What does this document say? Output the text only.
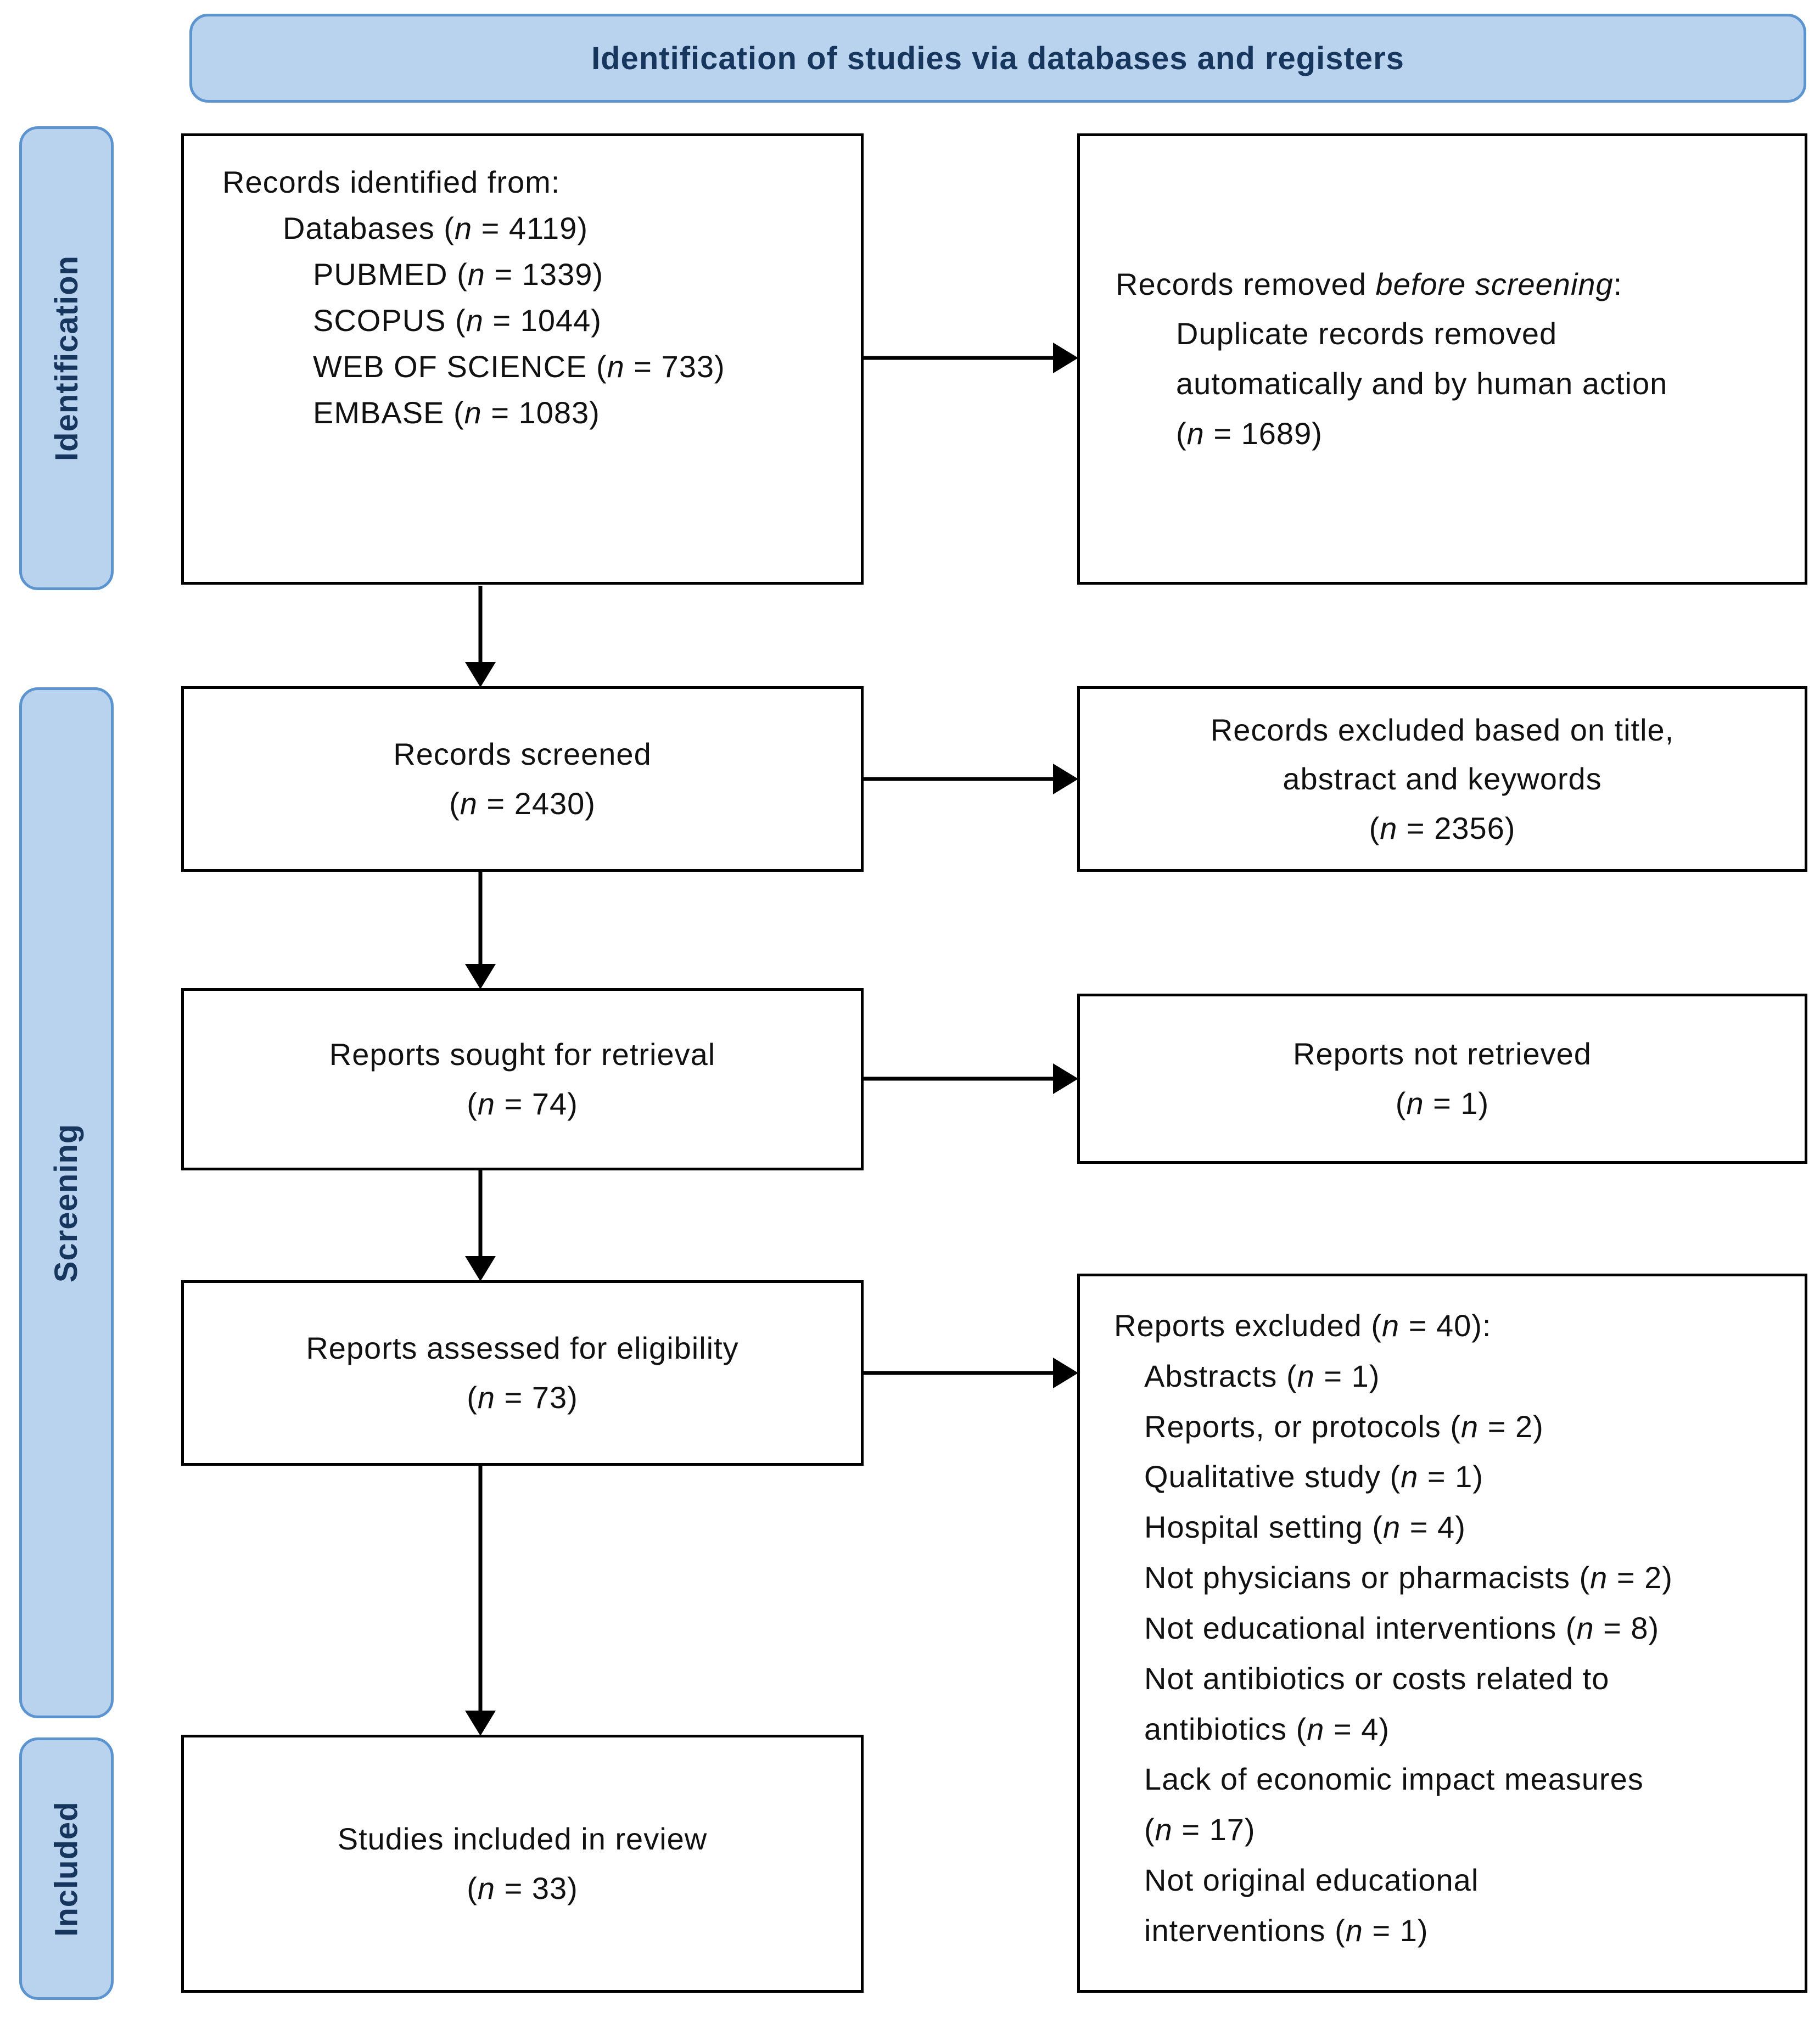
Identification of studies via databases and registers
Identification
Screening
Included
Records identified from:
Databases (n = 4119)
PUBMED (n = 1339)
SCOPUS (n = 1044)
WEB OF SCIENCE (n = 733)
EMBASE (n = 1083)
Records screened
(n = 2430)
Reports sought for retrieval
(n = 74)
Reports assessed for eligibility
(n = 73)
Studies included in review
(n = 33)
Records removed before screening:
Duplicate records removed
automatically and by human action
(n = 1689)
Records excluded based on title,
abstract and keywords
(n = 2356)
Reports not retrieved
(n = 1)
Reports excluded (n = 40):
Abstracts (n = 1)
Reports, or protocols (n = 2)
Qualitative study (n = 1)
Hospital setting (n = 4)
Not physicians or pharmacists (n = 2)
Not educational interventions (n = 8)
Not antibiotics or costs related to
antibiotics (n = 4)
Lack of economic impact measures
(n = 17)
Not original educational
interventions (n = 1)
